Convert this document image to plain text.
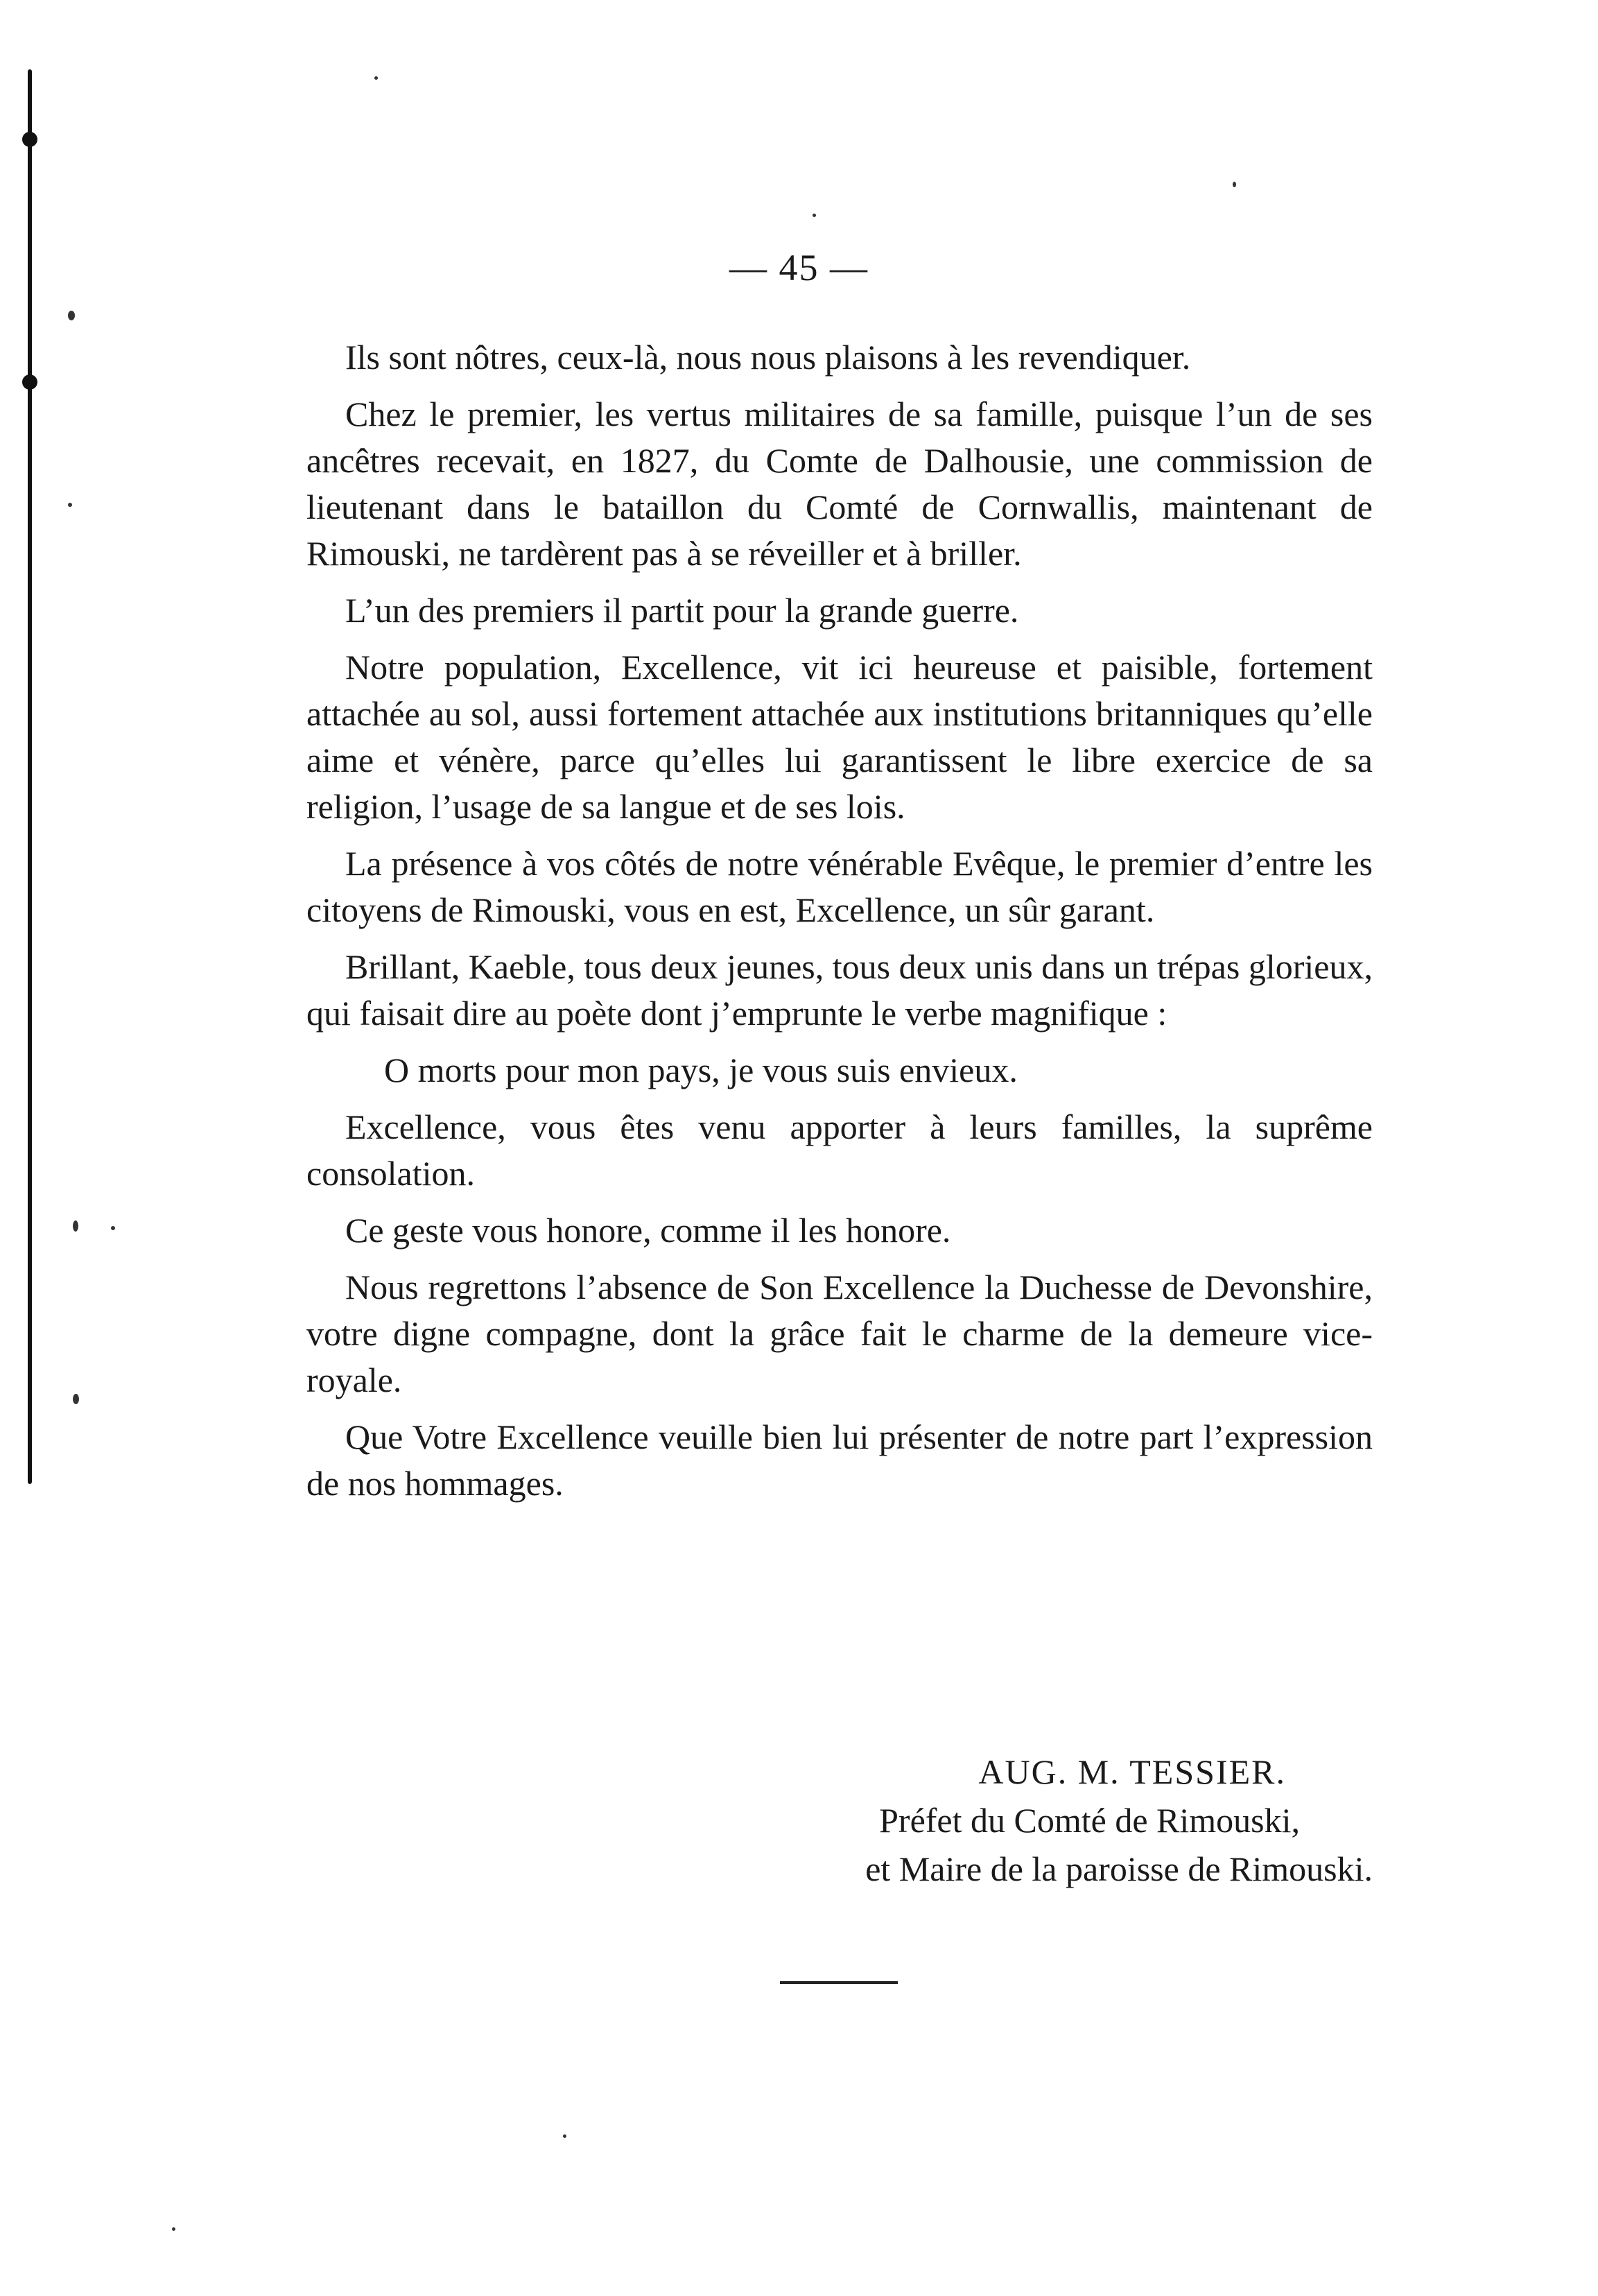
— 45 —

Ils sont nôtres, ceux-là, nous nous plaisons à les revendiquer.

Chez le premier, les vertus militaires de sa famille, puisque l’un de ses ancêtres recevait, en 1827, du Comte de Dalhousie, une commission de lieutenant dans le bataillon du Comté de Cornwallis, maintenant de Rimouski, ne tardèrent pas à se réveiller et à briller.

L’un des premiers il partit pour la grande guerre.

Notre population, Excellence, vit ici heureuse et paisible, fortement attachée au sol, aussi fortement attachée aux institutions britanniques qu’elle aime et vénère, parce qu’elles lui garantissent le libre exercice de sa religion, l’usage de sa langue et de ses lois.

La présence à vos côtés de notre vénérable Evêque, le premier d’entre les citoyens de Rimouski, vous en est, Excellence, un sûr garant.

Brillant, Kaeble, tous deux jeunes, tous deux unis dans un trépas glorieux, qui faisait dire au poète dont j’emprunte le verbe magnifique :

O morts pour mon pays, je vous suis envieux.

Excellence, vous êtes venu apporter à leurs familles, la suprême consolation.

Ce geste vous honore, comme il les honore.

Nous regrettons l’absence de Son Excellence la Duchesse de Devonshire, votre digne compagne, dont la grâce fait le charme de la demeure vice-royale.

Que Votre Excellence veuille bien lui présenter de notre part l’expression de nos hommages.

AUG. M. TESSIER.
Préfet du Comté de Rimouski,
et Maire de la paroisse de Rimouski.
